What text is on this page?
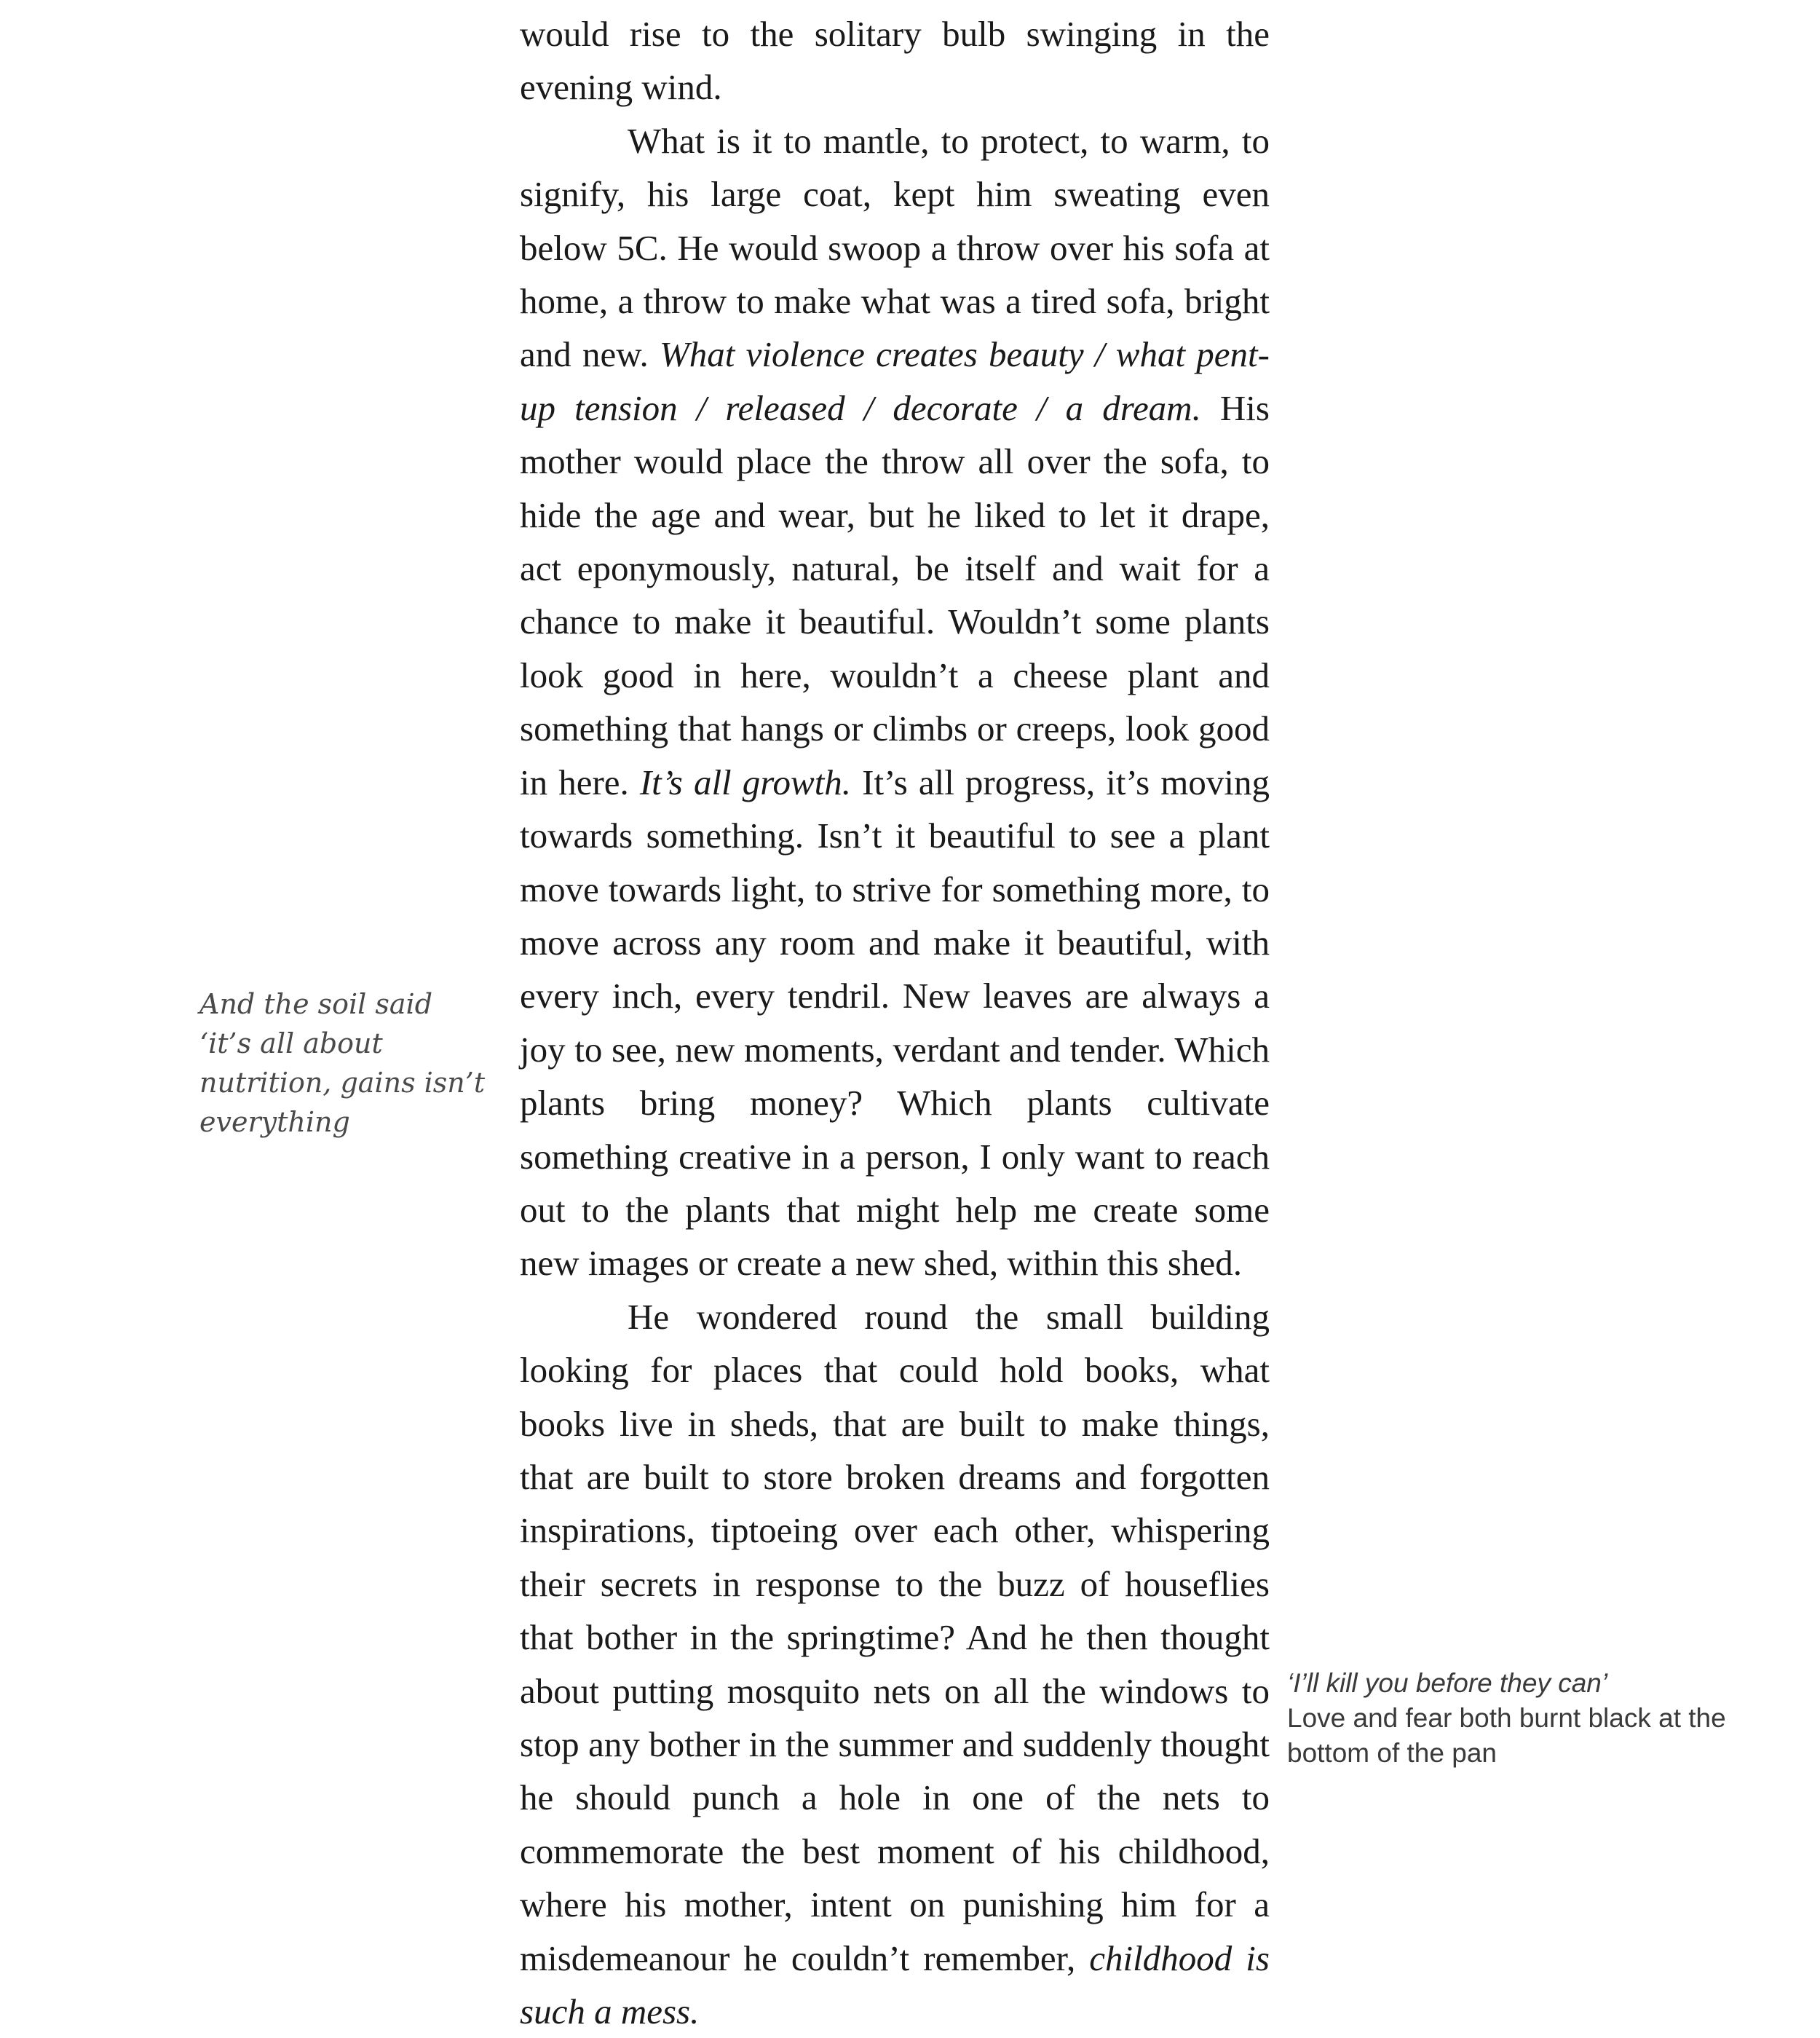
would rise to the solitary bulb swinging in the evening wind.

What is it to mantle, to protect, to warm, to signify, his large coat, kept him sweating even below 5C. He would swoop a throw over his sofa at home, a throw to make what was a tired sofa, bright and new. What violence creates beauty / what pent-up tension / released / decorate / a dream. His mother would place the throw all over the sofa, to hide the age and wear, but he liked to let it drape, act eponymously, natural, be itself and wait for a chance to make it beautiful. Wouldn’t some plants look good in here, wouldn’t a cheese plant and something that hangs or climbs or creeps, look good in here. It’s all growth. It’s all progress, it’s moving towards something. Isn’t it beautiful to see a plant move towards light, to strive for something more, to move across any room and make it beautiful, with every inch, every tendril. New leaves are always a joy to see, new moments, verdant and tender. Which plants bring money? Which plants cultivate something creative in a person, I only want to reach out to the plants that might help me create some new images or create a new shed, within this shed.

He wondered round the small building looking for places that could hold books, what books live in sheds, that are built to make things, that are built to store broken dreams and forgotten inspirations, tiptoeing over each other, whispering their secrets in response to the buzz of houseflies that bother in the springtime? And he then thought about putting mosquito nets on all the windows to stop any bother in the summer and suddenly thought he should punch a hole in one of the nets to commemorate the best moment of his childhood, where his mother, intent on punishing him for a misdemeanour he couldn’t remember, childhood is such a mess.

And the soil said ‘it’s all about nutrition, gains isn’t everything
‘I’ll kill you before they can’
Love and fear both burnt black at the bottom of the pan
